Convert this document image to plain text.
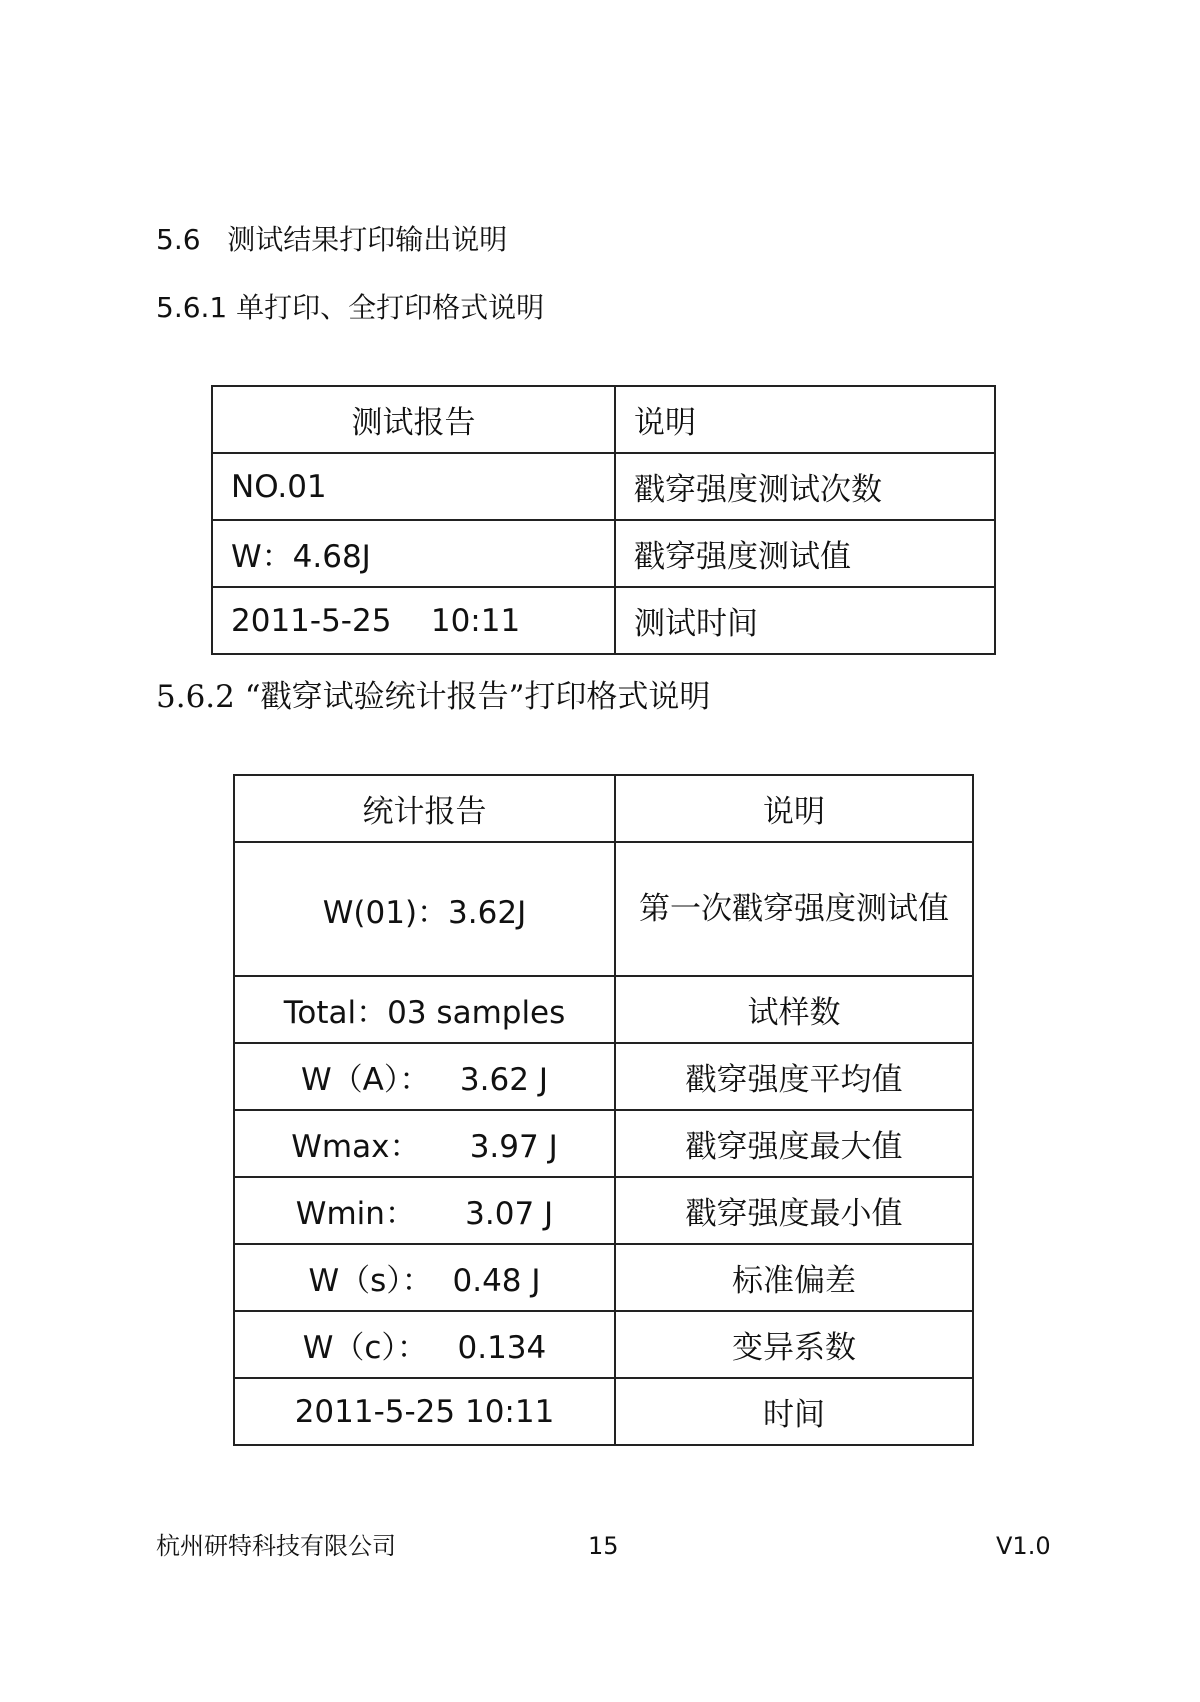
5.6 测试结果打印输出说明
5.6.1 单打印、全打印格式说明
测试报告	说明
NO.01	戳穿强度测试次数
W：4.68J	戳穿强度测试值
2011-5-25    10:11	测试时间
5.6.2 “戳穿试验统计报告”打印格式说明
统计报告	说明
W(01)：3.62J	第一次戳穿强度测试值
Total：03 samples	试样数
W（A）：   3.62 J	戳穿强度平均值
Wmax：     3.97 J	戳穿强度最大值
Wmin：     3.07 J	戳穿强度最小值
W（s）：  0.48 J	标准偏差
W（c）：   0.134	变异系数
2011-5-25 10:11	时间
杭州研特科技有限公司	15	V1.0
